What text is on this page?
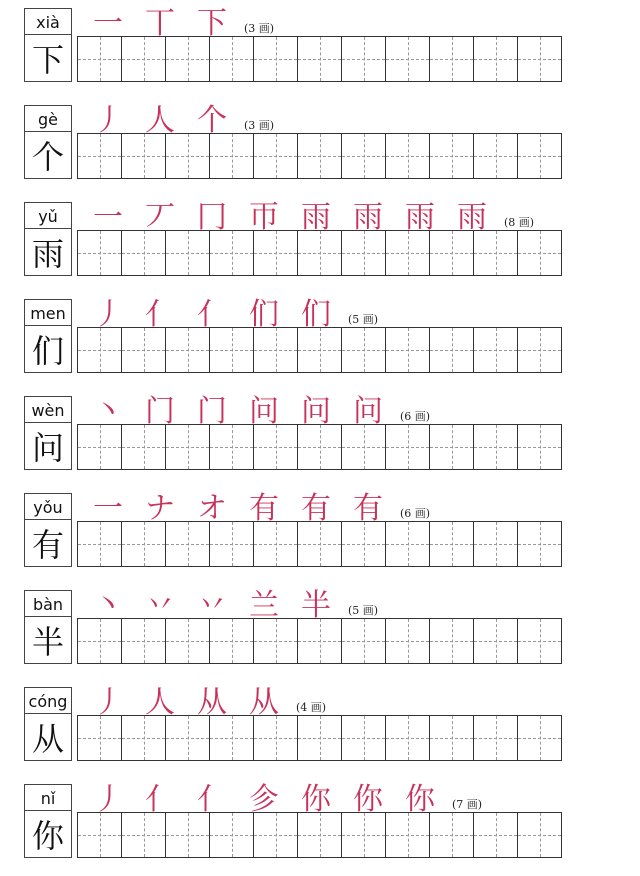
xià
下
一 丅 下	(3 画)
gè
个
丿 人 个	(3 画)
yǔ
雨
一 丆 冂 帀 雨 雨 雨 雨	(8 画)
men
们
丿 亻 亻 们 们	(5 画)
wèn
问
丶 门 门 问 问 问	(6 画)
yǒu
有
一 ナ オ 有 有 有	(6 画)
bàn
半
丶 丷 丷 兰 半	(5 画)
cóng
从
丿 人 从 从	(4 画)
nǐ
你
丿 亻 亻 㐱 你 你 你	(7 画)
